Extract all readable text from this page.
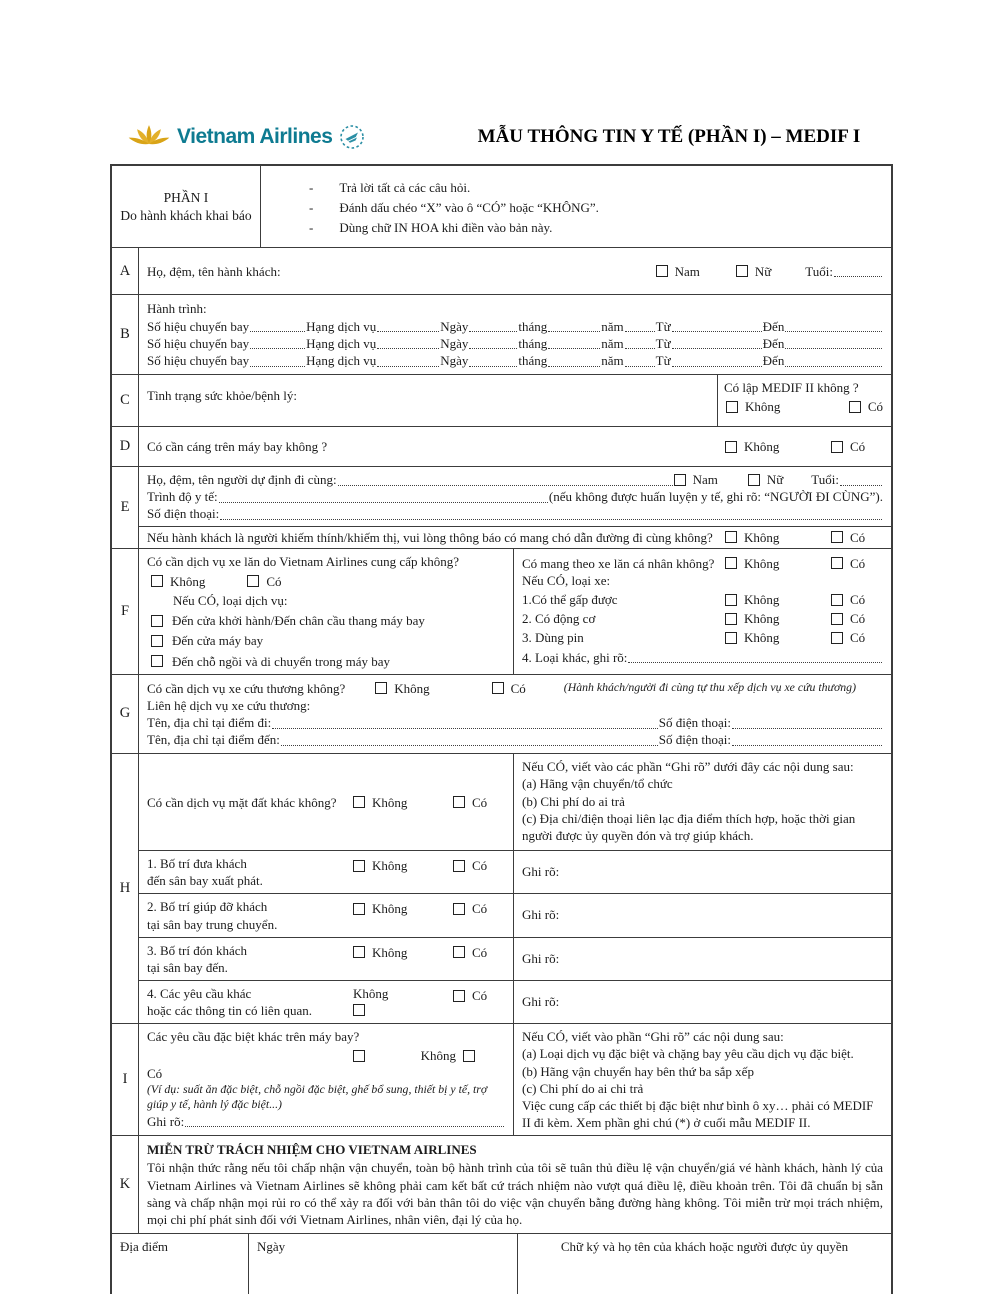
Vietnam Airlines	MẪU THÔNG TIN Y TẾ (PHẦN I) – MEDIF I
PHẦN I
Do hành khách khai báo
- Trả lời tất cả các câu hỏi.
- Đánh dấu chéo “X” vào ô “CÓ” hoặc “KHÔNG”.
- Dùng chữ IN HOA khi điền vào bản này.
A	Họ, đệm, tên hành khách:	Nam	Nữ	Tuổi:
B
Hành trình:
Số hiệu chuyến bay	Hạng dịch vụ	Ngày	tháng	năm Từ	Đến
Số hiệu chuyến bay	Hạng dịch vụ	Ngày	tháng	năm Từ	Đến
Số hiệu chuyến bay	Hạng dịch vụ	Ngày	tháng	năm Từ	Đến
C	Tình trạng sức khỏe/bệnh lý:
Có lập MEDIF II không ?
Không	Có
D	Có cần cáng trên máy bay không ?	Không	Có
E
Họ, đệm, tên người dự định đi cùng:	Nam	Nữ Tuổi:
Trình độ y tế:	(nếu không được huấn luyện y tế, ghi rõ: “NGƯỜI ĐI CÙNG”).
Số điện thoại:
Nếu hành khách là người khiếm thính/khiếm thị, vui lòng thông báo có mang chó dẫn đường đi cùng không?	Không	Có
F
Có cần dịch vụ xe lăn do Vietnam Airlines cung cấp không?
Không	Có
Nếu CÓ, loại dịch vụ:
Đến cửa khởi hành/Đến chân cầu thang máy bay
Đến cửa máy bay
Đến chỗ ngồi và di chuyển trong máy bay
Có mang theo xe lăn cá nhân không?	Không	Có
Nếu CÓ, loại xe:
1.Có thể gấp được	Không	Có
2. Có động cơ	Không	Có
3. Dùng pin	Không	Có
4. Loại khác, ghi rõ:
G
Có cần dịch vụ xe cứu thương không?	Không	Có	(Hành khách/người đi cùng tự thu xếp dịch vụ xe cứu thương)
Liên hệ dịch vụ xe cứu thương:
Tên, địa chỉ tại điểm đi:	Số điện thoại:
Tên, địa chỉ tại điểm đến:	Số điện thoại:
H
Có cần dịch vụ mặt đất khác không?	Không	Có
Nếu CÓ, viết vào các phần “Ghi rõ” dưới đây các nội dung sau:
(a) Hãng vận chuyển/tổ chức
(b) Chi phí do ai trả
(c) Địa chỉ/điện thoại liên lạc địa điểm thích hợp, hoặc thời gian người được ủy quyền đón và trợ giúp khách.
1. Bố trí đưa khách
đến sân bay xuất phát.
Không	Có	Ghi rõ:
2. Bố trí giúp đỡ khách
tại sân bay trung chuyển.
Không	Có	Ghi rõ:
3. Bố trí đón khách
tại sân bay đến.
Không	Có	Ghi rõ:
4. Các yêu cầu khác
hoặc các thông tin có liên quan.
Không	Có	Ghi rõ:
I
Các yêu cầu đặc biệt khác trên máy bay?
Không
Có
(Ví dụ: suất ăn đặc biệt, chỗ ngồi đặc biệt, ghế bổ sung, thiết bị y tế, trợ giúp y tế, hành lý đặc biệt...)
Ghi rõ:
Nếu CÓ, viết vào phần “Ghi rõ” các nội dung sau:
(a) Loại dịch vụ đặc biệt và chặng bay yêu cầu dịch vụ đặc biệt.
(b) Hãng vận chuyển hay bên thứ ba sắp xếp
(c) Chi phí do ai chi trả
Việc cung cấp các thiết bị đặc biệt như bình ô xy… phải có MEDIF II đi kèm. Xem phần ghi chú (*) ở cuối mẫu MEDIF II.
K
MIỄN TRỪ TRÁCH NHIỆM CHO VIETNAM AIRLINES
Tôi nhận thức rằng nếu tôi chấp nhận vận chuyển, toàn bộ hành trình của tôi sẽ tuân thủ điều lệ vận chuyển/giá vé hành khách, hành lý của Vietnam Airlines và Vietnam Airlines sẽ không phải cam kết bất cứ trách nhiệm nào vượt quá điều lệ, điều khoản trên. Tôi đã chuẩn bị sẵn sàng và chấp nhận mọi rủi ro có thể xảy ra đối với bản thân tôi do việc vận chuyển bằng đường hàng không. Tôi miễn trừ mọi trách nhiệm, mọi chi phí phát sinh đối với Vietnam Airlines, nhân viên, đại lý của họ.
Địa điểm	Ngày	Chữ ký và họ tên của khách hoặc người được ủy quyền
